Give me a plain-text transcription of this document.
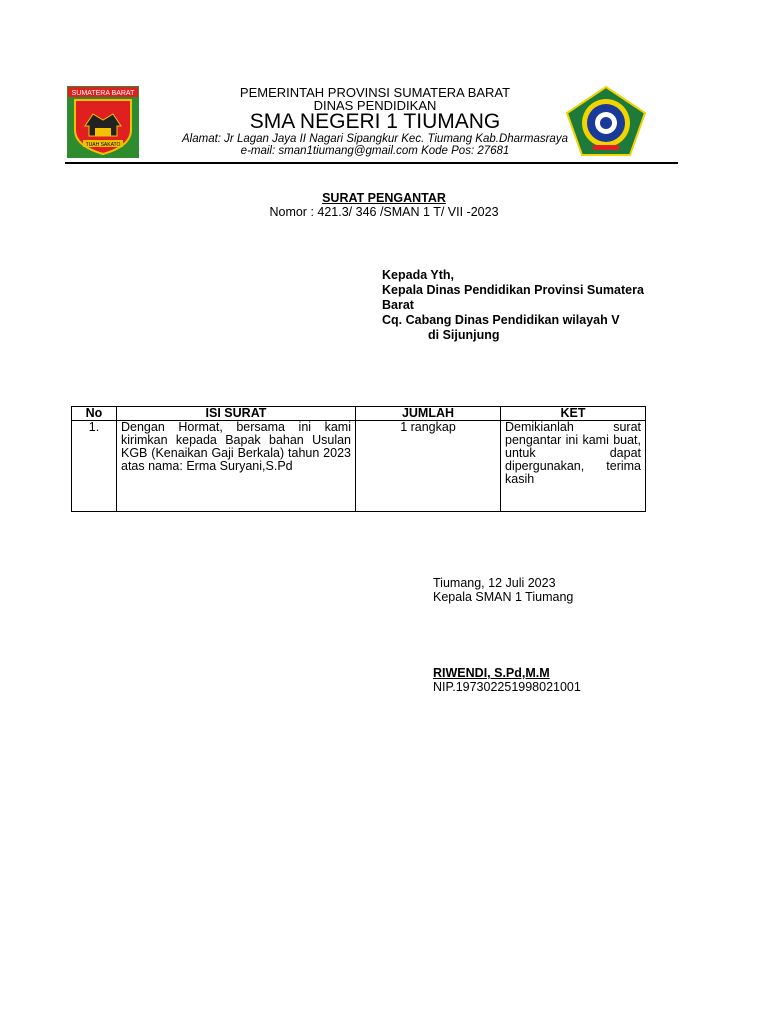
SUMATERA BARAT
TUAH SAKATO
PEMERINTAH PROVINSI SUMATERA BARAT
DINAS PENDIDIKAN
SMA NEGERI 1 TIUMANG
Alamat: Jr Lagan Jaya II Nagari Sipangkur Kec. Tiumang Kab.Dharmasraya
e-mail: sman1tiumang@gmail.com Kode Pos: 27681
SURAT PENGANTAR
Nomor : 421.3/ 346 /SMAN 1 T/ VII -2023
Kepada Yth,
Kepala Dinas Pendidikan Provinsi Sumatera
Barat
Cq. Cabang Dinas Pendidikan wilayah V
di Sijunjung
No	ISI SURAT	JUMLAH	KET
1.	Dengan Hormat, bersama ini kami kirimkan kepada Bapak bahan Usulan KGB (Kenaikan Gaji Berkala) tahun 2023 atas nama: Erma Suryani,S.Pd	1 rangkap	Demikianlah surat pengantar ini kami buat, untuk dapat dipergunakan, terima kasih
Tiumang, 12 Juli 2023
Kepala SMAN 1 Tiumang
RIWENDI, S.Pd,M.M
NIP.197302251998021001
